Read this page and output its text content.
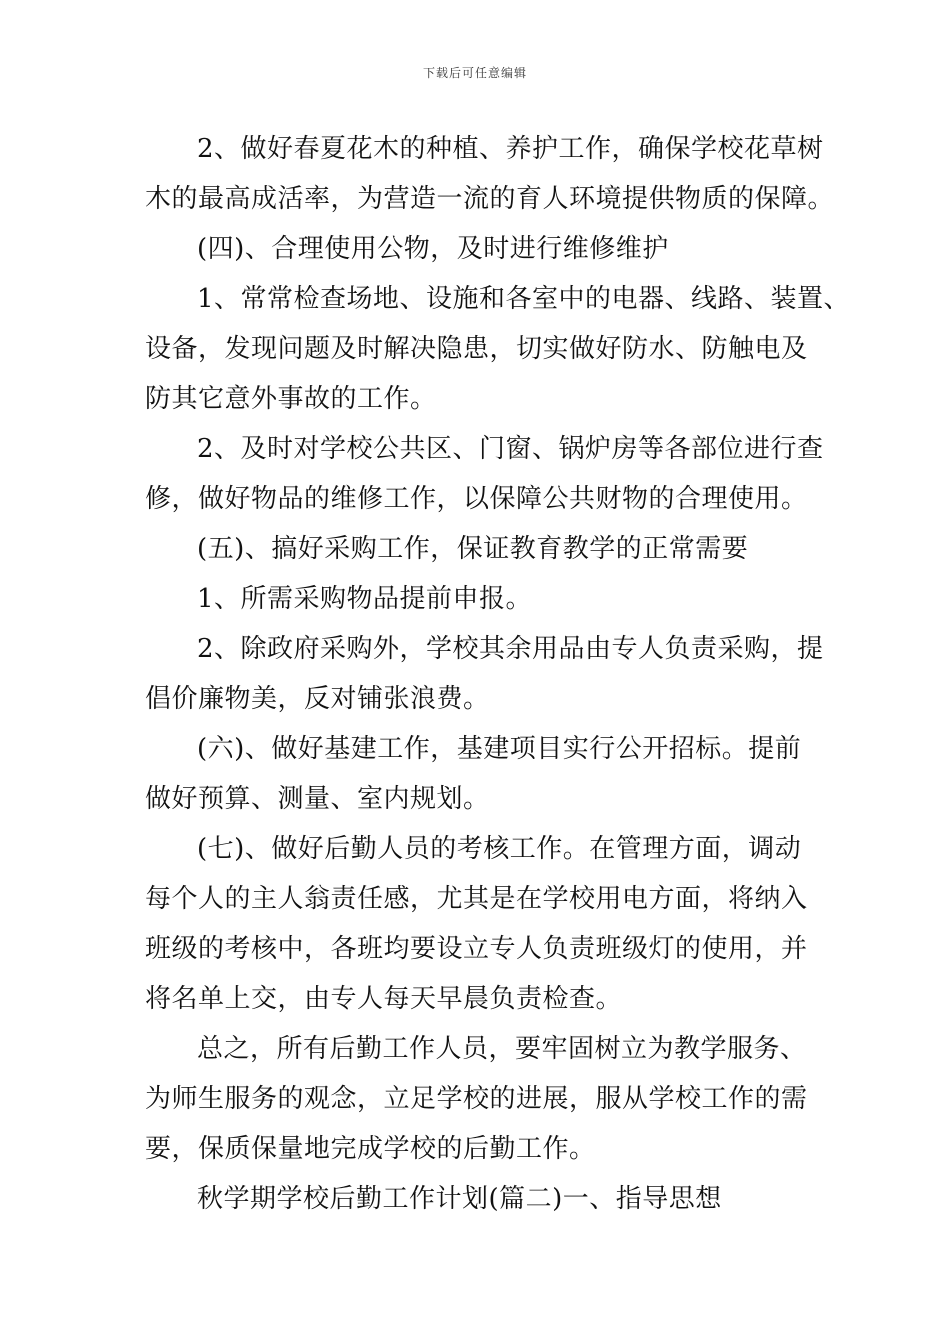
下载后可任意编辑
2、做好春夏花木的种植、养护工作，确保学校花草树
木的最高成活率，为营造一流的育人环境提供物质的保障。
(四)、合理使用公物，及时进行维修维护
1、常常检查场地、设施和各室中的电器、线路、装置、
设备，发现问题及时解决隐患，切实做好防水、防触电及
防其它意外事故的工作。
2、及时对学校公共区、门窗、锅炉房等各部位进行查
修，做好物品的维修工作，以保障公共财物的合理使用。
(五)、搞好采购工作，保证教育教学的正常需要
1、所需采购物品提前申报。
2、除政府采购外，学校其余用品由专人负责采购，提
倡价廉物美，反对铺张浪费。
(六)、做好基建工作，基建项目实行公开招标。提前
做好预算、测量、室内规划。
(七)、做好后勤人员的考核工作。在管理方面，调动
每个人的主人翁责任感，尤其是在学校用电方面，将纳入
班级的考核中，各班均要设立专人负责班级灯的使用，并
将名单上交，由专人每天早晨负责检查。
总之，所有后勤工作人员，要牢固树立为教学服务、
为师生服务的观念，立足学校的进展，服从学校工作的需
要，保质保量地完成学校的后勤工作。
秋学期学校后勤工作计划(篇二)一、指导思想
